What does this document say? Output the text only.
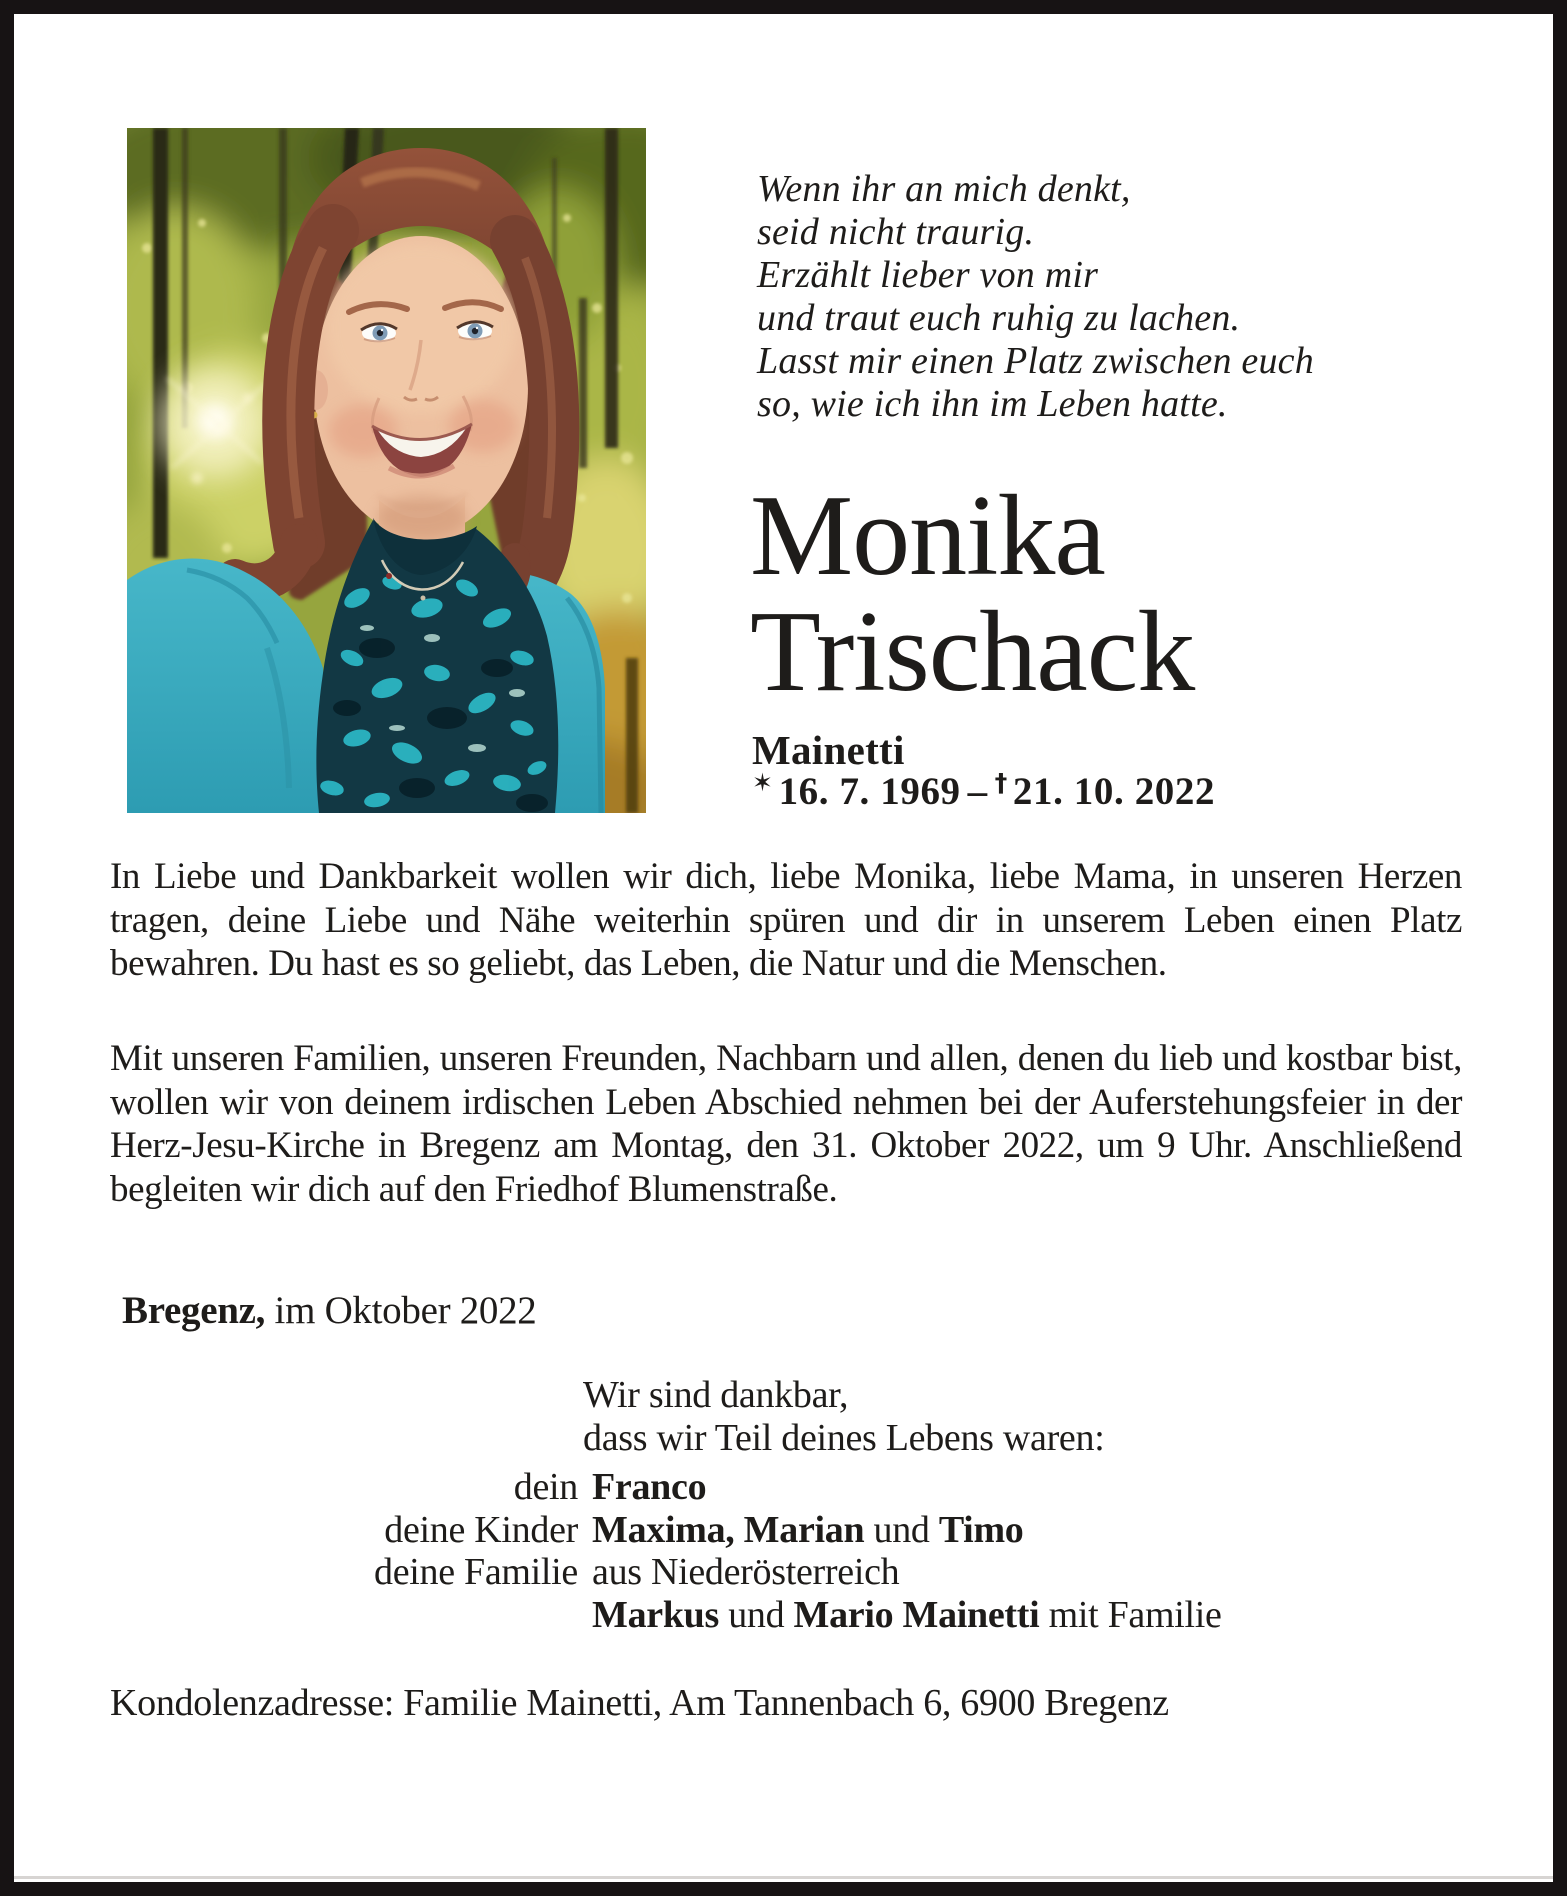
Wenn ihr an mich denkt,
seid nicht traurig.
Erzählt lieber von mir
und traut euch ruhig zu lachen.
Lasst mir einen Platz zwischen euch
so, wie ich ihn im Leben hatte.
Monika
Trischack
Mainetti
✶ 16. 7. 1969 – † 21. 10. 2022

In Liebe und Dankbarkeit wollen wir dich, liebe Monika, liebe Mama, in unseren Herzen tragen, deine Liebe und Nähe weiterhin spüren und dir in unserem Leben einen Platz bewahren. Du hast es so geliebt, das Leben, die Natur und die Menschen.

Mit unseren Familien, unseren Freunden, Nachbarn und allen, denen du lieb und kostbar bist, wollen wir von deinem irdischen Leben Abschied nehmen bei der Auferstehungsfeier in der Herz-Jesu-Kirche in Bregenz am Montag, den 31. Oktober 2022, um 9 Uhr. Anschließend begleiten wir dich auf den Friedhof Blumenstraße.

Bregenz, im Oktober 2022
Wir sind dankbar,
dass wir Teil deines Lebens waren:
dein Franco
deine Kinder Maxima, Marian und Timo
deine Familie aus Niederösterreich
Markus und Mario Mainetti mit Familie
Kondolenzadresse: Familie Mainetti, Am Tannenbach 6, 6900 Bregenz
